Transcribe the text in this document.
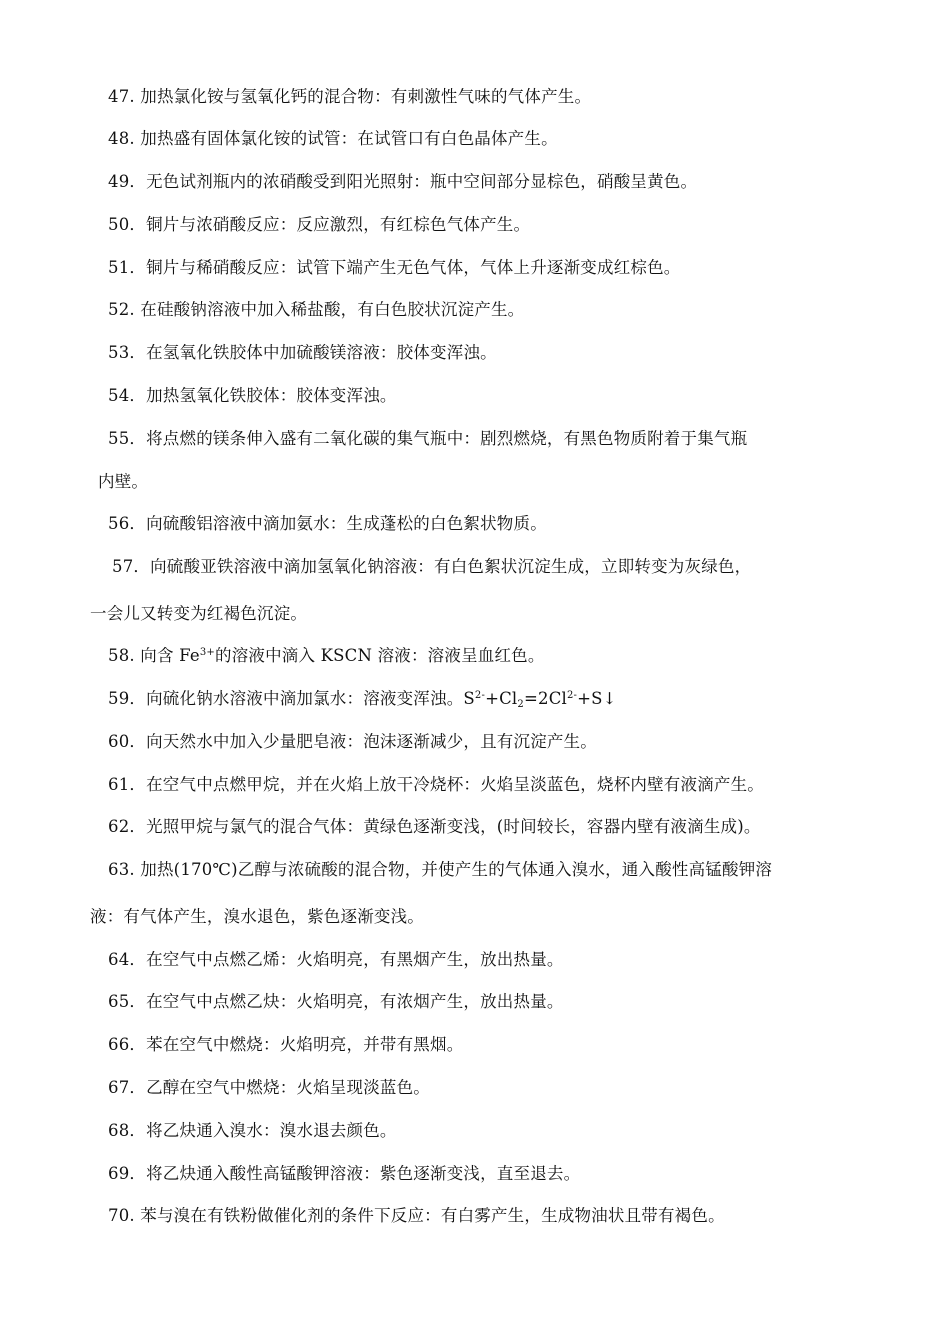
47. 加热氯化铵与氢氧化钙的混合物：有刺激性气味的气体产生。
48. 加热盛有固体氯化铵的试管：在试管口有白色晶体产生。
49．无色试剂瓶内的浓硝酸受到阳光照射：瓶中空间部分显棕色，硝酸呈黄色。
50．铜片与浓硝酸反应：反应激烈，有红棕色气体产生。
51．铜片与稀硝酸反应：试管下端产生无色气体，气体上升逐渐变成红棕色。
52. 在硅酸钠溶液中加入稀盐酸，有白色胶状沉淀产生。
53．在氢氧化铁胶体中加硫酸镁溶液：胶体变浑浊。
54．加热氢氧化铁胶体：胶体变浑浊。
55．将点燃的镁条伸入盛有二氧化碳的集气瓶中：剧烈燃烧，有黑色物质附着于集气瓶
内壁。
56．向硫酸铝溶液中滴加氨水：生成蓬松的白色絮状物质。
57．向硫酸亚铁溶液中滴加氢氧化钠溶液：有白色絮状沉淀生成，立即转变为灰绿色，
一会儿又转变为红褐色沉淀。
58. 向含 $Fe^{3+}$的溶液中滴入 KSCN 溶液：溶液呈血红色。
59．向硫化钠水溶液中滴加氯水：溶液变浑浊。$S^{2-}+Cl_2=2Cl^{2-}+S↓$
60．向天然水中加入少量肥皂液：泡沫逐渐减少，且有沉淀产生。
61．在空气中点燃甲烷，并在火焰上放干冷烧杯：火焰呈淡蓝色，烧杯内壁有液滴产生。
62．光照甲烷与氯气的混合气体：黄绿色逐渐变浅，(时间较长，容器内壁有液滴生成)。
63. 加热(170℃)乙醇与浓硫酸的混合物，并使产生的气体通入溴水，通入酸性高锰酸钾溶
液：有气体产生，溴水退色，紫色逐渐变浅。
64．在空气中点燃乙烯：火焰明亮，有黑烟产生，放出热量。
65．在空气中点燃乙炔：火焰明亮，有浓烟产生，放出热量。
66．苯在空气中燃烧：火焰明亮，并带有黑烟。
67．乙醇在空气中燃烧：火焰呈现淡蓝色。
68．将乙炔通入溴水：溴水退去颜色。
69．将乙炔通入酸性高锰酸钾溶液：紫色逐渐变浅，直至退去。
70. 苯与溴在有铁粉做催化剂的条件下反应：有白雾产生，生成物油状且带有褐色。
